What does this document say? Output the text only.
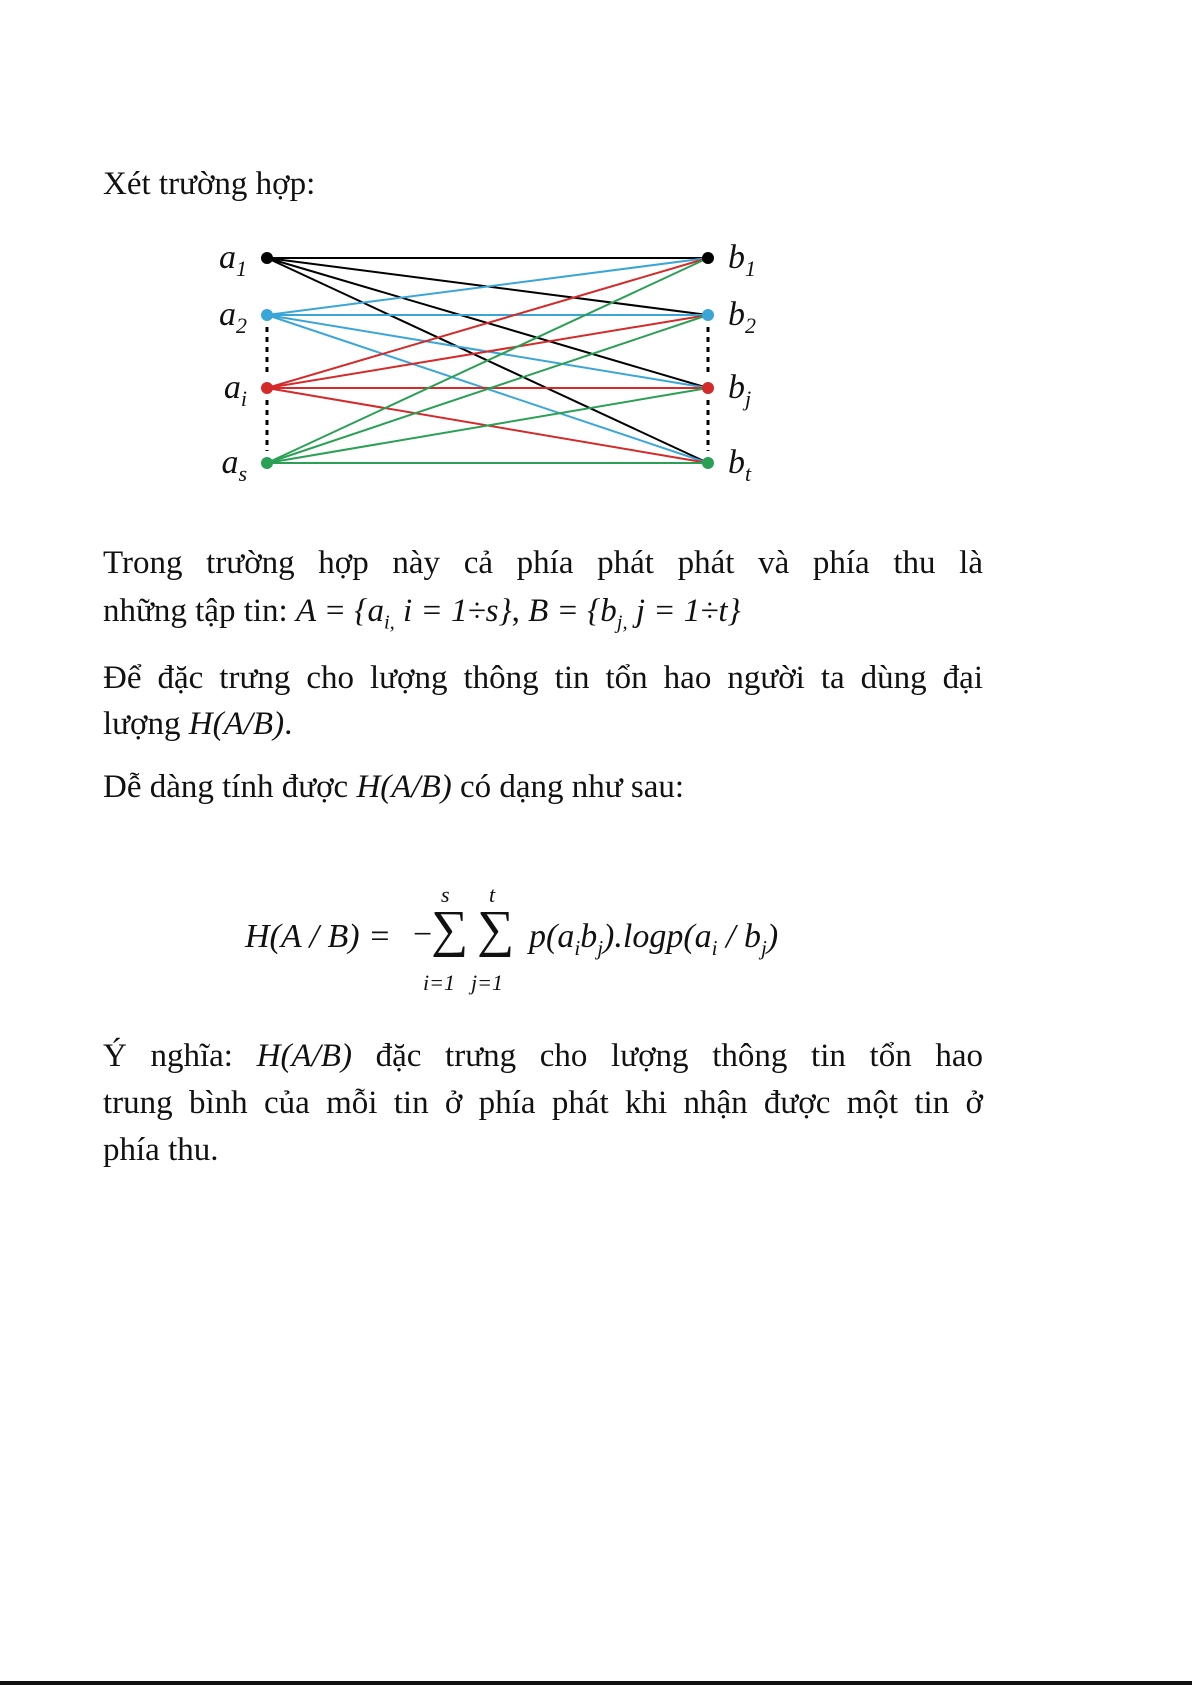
Xét trường hợp:
$a_1$
$a_2$
$a_i$
$a_s$
$b_1$
$b_2$
$b_j$
$b_t$
Trong trường hợp này cả phía phát phát và phía thu là
những tập tin: $A = \{a_{i,}$ i = 1÷s}, $B = \{b_{j,}$ j = 1÷t}
Để đặc trưng cho lượng thông tin tổn hao người ta dùng đại
lượng H(A/B).
Dễ dàng tính được H(A/B) có dạng như sau:
H(A / B) = −
s
∑
i=1
t
∑
j=1
$p(a_ib_j).\log p(a_i / b_j)$
Ý nghĩa: H(A/B) đặc trưng cho lượng thông tin tổn hao
trung bình của mỗi tin ở phía phát khi nhận được một tin ở
phía thu.
